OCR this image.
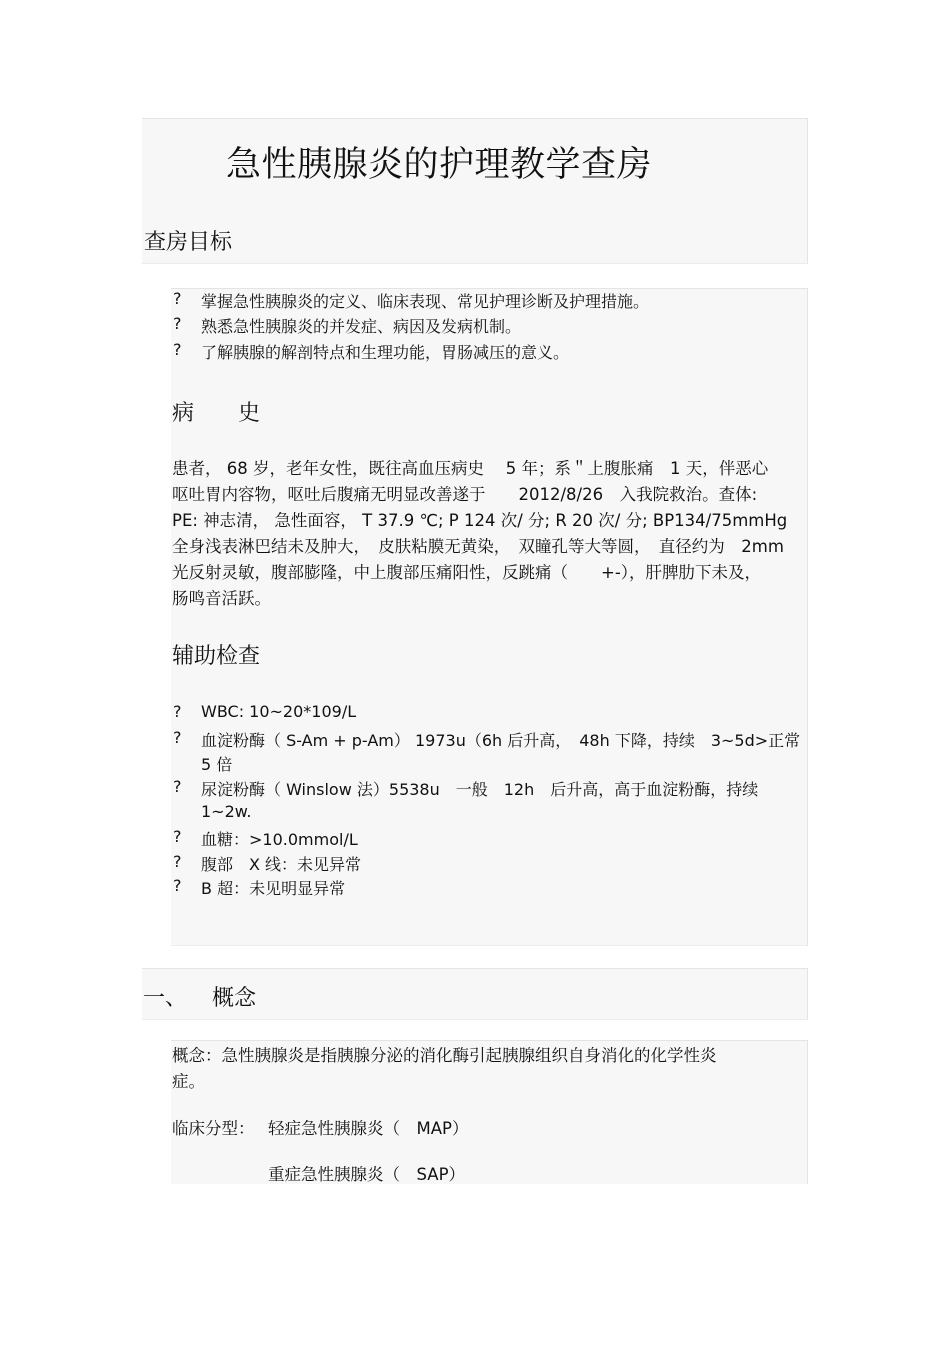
急性胰腺炎的护理教学查房
查房目标
? 掌握急性胰腺炎的定义、临床表现、常见护理诊断及护理措施。
? 熟悉急性胰腺炎的并发症、病因及发病机制。
? 了解胰腺的解剖特点和生理功能，胃肠减压的意义。
病　　史
患者， 68 岁，老年女性，既往高血压病史　 5 年；系＂上腹胀痛　1 天，伴恶心
呕吐胃内容物，呕吐后腹痛无明显改善遂于　　2012/8/26　入我院救治。查体:
PE: 神志清， 急性面容， T 37.9 ℃; P 124 次/ 分; R 20 次/ 分; BP134/75mmHg
全身浅表淋巴结未及肿大，　皮肤粘膜无黄染，　双瞳孔等大等圆，　直径约为　2mm
光反射灵敏，腹部膨隆，中上腹部压痛阳性，反跳痛（　　+-），肝脾肋下未及，
肠鸣音活跃。
辅助检查
? WBC: 10~20*109/L
? 血淀粉酶（ S-Am + p-Am） 1973u（6h 后升高，　48h 下降，持续　3~5d>正常
5 倍
? 尿淀粉酶（ Winslow 法）5538u　一般　12h　后升高，高于血淀粉酶，持续
1~2w.
? 血糖：>10.0mmol/L
? 腹部　X 线：未见异常
? B 超：未见明显异常
一、 概念
概念：急性胰腺炎是指胰腺分泌的消化酶引起胰腺组织自身消化的化学性炎
症。
临床分型： 轻症急性胰腺炎（　MAP）
重症急性胰腺炎（　SAP）
